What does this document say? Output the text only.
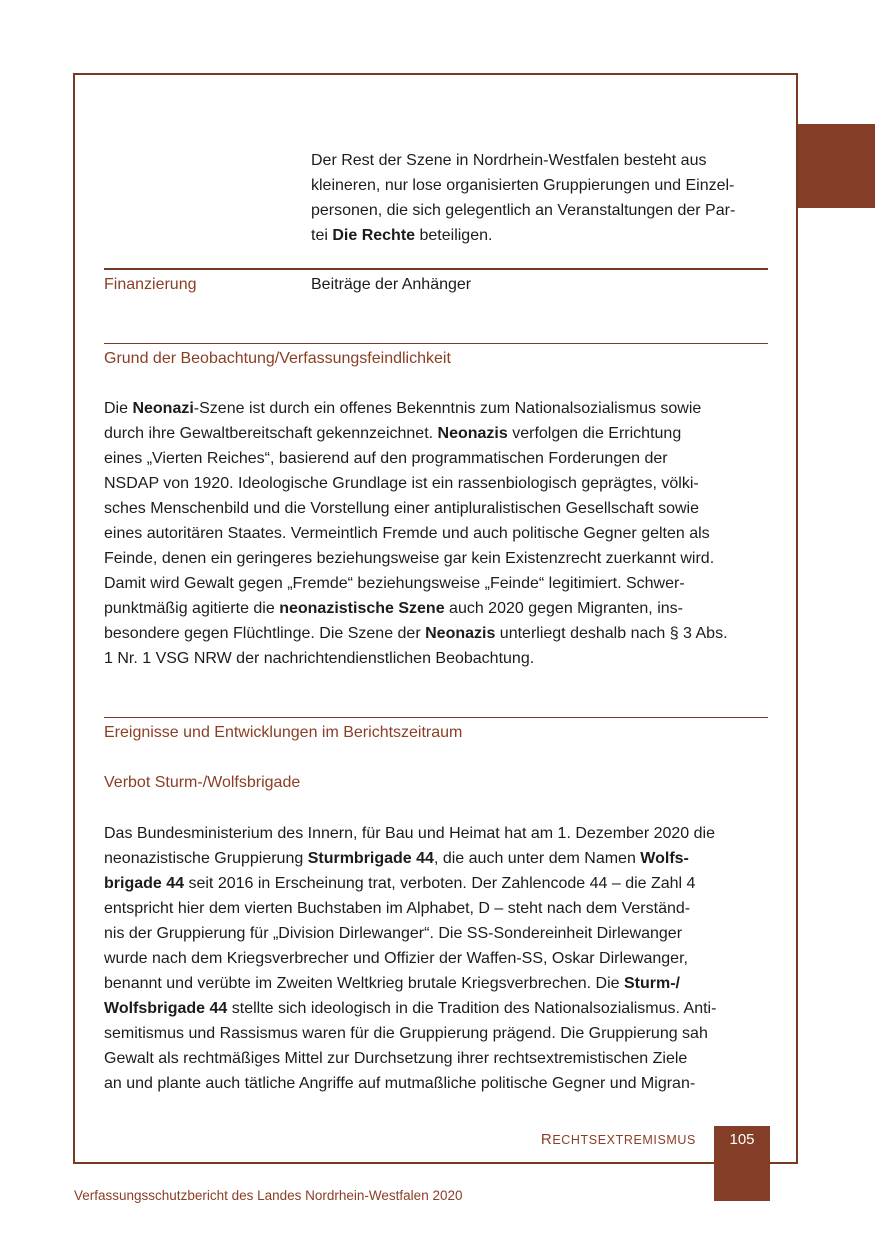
Der Rest der Szene in Nordrhein-Westfalen besteht aus
kleineren, nur lose organisierten Gruppierungen und Einzel-
personen, die sich gelegentlich an Veranstaltungen der Par-
tei Die Rechte beteiligen.

Finanzierung	Beiträge der Anhänger
Grund der Beobachtung/Verfassungsfeindlichkeit

Die Neonazi-Szene ist durch ein offenes Bekenntnis zum Nationalsozialismus sowie
durch ihre Gewaltbereitschaft gekennzeichnet. Neonazis verfolgen die Errichtung
eines „Vierten Reiches“, basierend auf den programmatischen Forderungen der
NSDAP von 1920. Ideologische Grundlage ist ein rassenbiologisch geprägtes, völki-
sches Menschenbild und die Vorstellung einer antipluralistischen Gesellschaft sowie
eines autoritären Staates. Vermeintlich Fremde und auch politische Gegner gelten als
Feinde, denen ein geringeres beziehungsweise gar kein Existenzrecht zuerkannt wird.
Damit wird Gewalt gegen „Fremde“ beziehungsweise „Feinde“ legitimiert. Schwer-
punktmäßig agitierte die neonazistische Szene auch 2020 gegen Migranten, ins-
besondere gegen Flüchtlinge. Die Szene der Neonazis unterliegt deshalb nach § 3 Abs.
1 Nr. 1 VSG NRW der nachrichtendienstlichen Beobachtung.

Ereignisse und Entwicklungen im Berichtszeitraum
Verbot Sturm-/Wolfsbrigade

Das Bundesministerium des Innern, für Bau und Heimat hat am 1. Dezember 2020 die
neonazistische Gruppierung Sturmbrigade 44, die auch unter dem Namen Wolfs-
brigade 44 seit 2016 in Erscheinung trat, verboten. Der Zahlencode 44 – die Zahl 4
entspricht hier dem vierten Buchstaben im Alphabet, D – steht nach dem Verständ-
nis der Gruppierung für „Division Dirlewanger“. Die SS-Sondereinheit Dirlewanger
wurde nach dem Kriegsverbrecher und Offizier der Waffen-SS, Oskar Dirlewanger,
benannt und verübte im Zweiten Weltkrieg brutale Kriegsverbrechen. Die Sturm-/
Wolfsbrigade 44 stellte sich ideologisch in die Tradition des Nationalsozialismus. Anti-
semitismus und Rassismus waren für die Gruppierung prägend. Die Gruppierung sah
Gewalt als rechtmäßiges Mittel zur Durchsetzung ihrer rechtsextremistischen Ziele
an und plante auch tätliche Angriffe auf mutmaßliche politische Gegner und Migran-

RECHTSEXTREMISMUS	105
Verfassungsschutzbericht des Landes Nordrhein-Westfalen 2020
